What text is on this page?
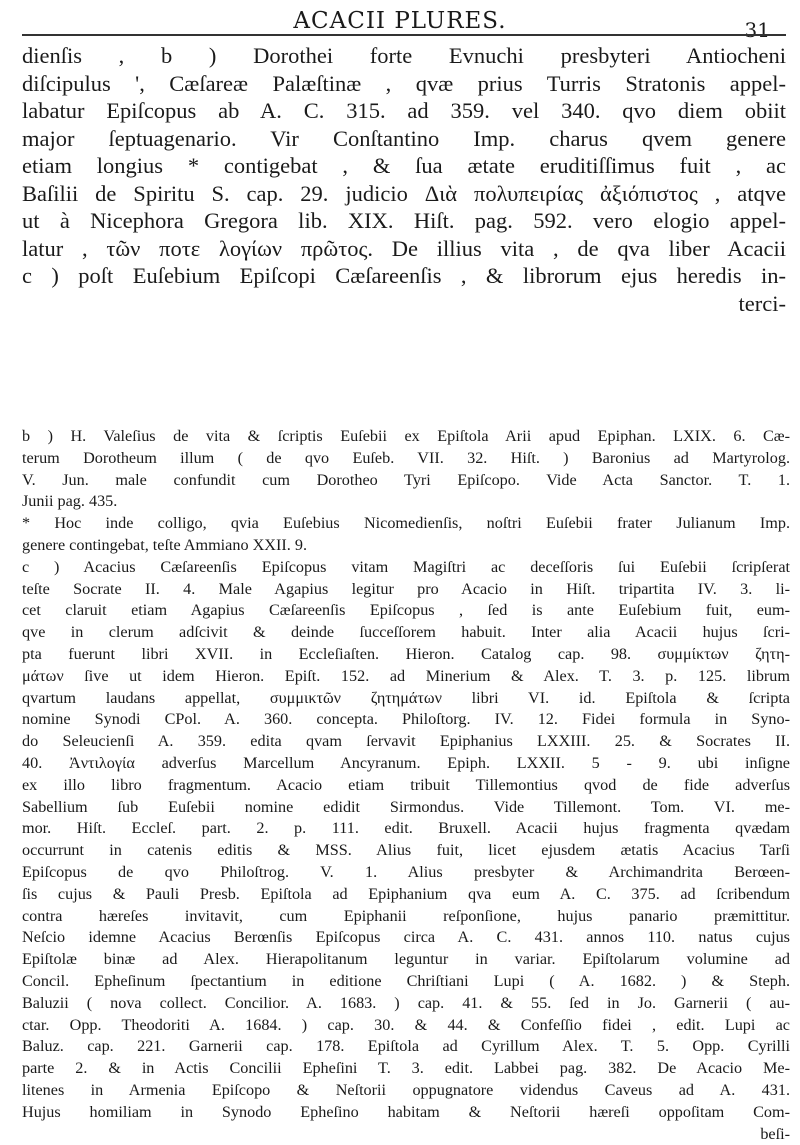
ACACII PLURES.	31
dienſis , b ) Dorothei forte Evnuchi presbyteri Antiocheni
diſcipulus ', Cæſareæ Palæſtinæ , qvæ prius Turris Stratonis appel-
labatur Epiſcopus ab A. C. 315. ad 359. vel 340. qvo diem obiit
major ſeptuagenario. Vir Conſtantino Imp. charus qvem genere
etiam longius * contigebat , & ſua ætate eruditiſſimus fuit , ac
Baſilii de Spiritu S. cap. 29. judicio Διὰ πολυπειρίας ἀξιόπιστος , atqve
ut à Nicephora Gregora lib. XIX. Hiſt. pag. 592. vero elogio appel-
latur , τῶν ποτε λογίων πρῶτος. De illius vita , de qva liber Acacii
c ) poſt Euſebium Epiſcopi Cæſareenſis , & librorum ejus heredis in-
terci-
b ) H. Valeſius de vita & ſcriptis Euſebii ex Epiſtola Arii apud Epiphan. LXIX. 6. Cæ-
terum Dorotheum illum ( de qvo Euſeb. VII. 32. Hiſt. ) Baronius ad Martyrolog.
V. Jun. male confundit cum Dorotheo Tyri Epiſcopo. Vide Acta Sanctor. T. 1.
Junii pag. 435.
* Hoc inde colligo, qvia Euſebius Nicomedienſis, noſtri Euſebii frater Julianum Imp.
genere contingebat, teſte Ammiano XXII. 9.
c ) Acacius Cæſareenſis Epiſcopus vitam Magiſtri ac deceſſoris ſui Euſebii ſcripſerat
teſte Socrate II. 4. Male Agapius legitur pro Acacio in Hiſt. tripartita IV. 3. li-
cet claruit etiam Agapius Cæſareenſis Epiſcopus , ſed is ante Euſebium fuit, eum-
qve in clerum adſcivit & deinde ſucceſſorem habuit. Inter alia Acacii hujus ſcri-
pta fuerunt libri XVII. in Eccleſiaſten. Hieron. Catalog cap. 98. συμμίκτων ζητη-
μάτων ſive ut idem Hieron. Epiſt. 152. ad Minerium & Alex. T. 3. p. 125. librum
qvartum laudans appellat, συμμικτῶν ζητημάτων libri VI. id. Epiſtola & ſcripta
nomine Synodi CPol. A. 360. concepta. Philoſtorg. IV. 12. Fidei formula in Syno-
do Seleucienſi A. 359. edita qvam ſervavit Epiphanius LXXIII. 25. & Socrates II.
40. Ἀντιλογία adverſus Marcellum Ancyranum. Epiph. LXXII. 5 - 9. ubi inſigne
ex illo libro fragmentum. Acacio etiam tribuit Tillemontius qvod de fide adverſus
Sabellium ſub Euſebii nomine edidit Sirmondus. Vide Tillemont. Tom. VI. me-
mor. Hiſt. Eccleſ. part. 2. p. 111. edit. Bruxell. Acacii hujus fragmenta qvædam
occurrunt in catenis editis & MSS. Alius fuit, licet ejusdem ætatis Acacius Tarſi
Epiſcopus de qvo Philoſtrog. V. 1. Alius presbyter & Archimandrita Berœen-
ſis cujus & Pauli Presb. Epiſtola ad Epiphanium qva eum A. C. 375. ad ſcribendum
contra hæreſes invitavit, cum Epiphanii reſponſione, hujus panario præmittitur.
Neſcio idemne Acacius Berœnſis Epiſcopus circa A. C. 431. annos 110. natus cujus
Epiſtolæ binæ ad Alex. Hierapolitanum leguntur in variar. Epiſtolarum volumine ad
Concil. Epheſinum ſpectantium in editione Chriſtiani Lupi ( A. 1682. ) & Steph.
Baluzii ( nova collect. Concilior. A. 1683. ) cap. 41. & 55. ſed in Jo. Garnerii ( au-
ctar. Opp. Theodoriti A. 1684. ) cap. 30. & 44. & Confeſſio fidei , edit. Lupi ac
Baluz. cap. 221. Garnerii cap. 178. Epiſtola ad Cyrillum Alex. T. 5. Opp. Cyrilli
parte 2. & in Actis Concilii Epheſini T. 3. edit. Labbei pag. 382. De Acacio Me-
litenes in Armenia Epiſcopo & Neſtorii oppugnatore videndus Caveus ad A. 431.
Hujus homiliam in Synodo Epheſino habitam & Neſtorii hæreſi oppoſitam Com-
beſi-
